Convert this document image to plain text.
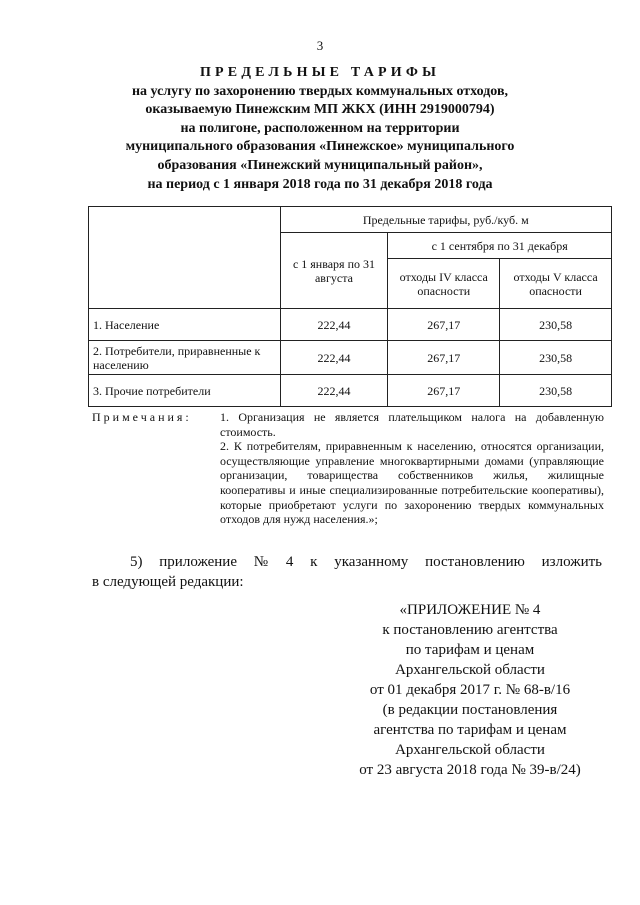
3
ПРЕДЕЛЬНЫЕ ТАРИФЫ
на услугу по захоронению твердых коммунальных отходов,
оказываемую Пинежским МП ЖКХ (ИНН 2919000794)
на полигоне, расположенном на территории
муниципального образования «Пинежское» муниципального
образования «Пинежский муниципальный район»,
на период с 1 января 2018 года по 31 декабря 2018 года
	Предельные тарифы, руб./куб. м		
	с 1 января по 31 августа	с 1 сентября по 31 декабря	
		отходы IV класса опасности	отходы V класса опасности
1. Население	222,44	267,17	230,58
2. Потребители, приравненные к населению	222,44	267,17	230,58
3. Прочие потребители	222,44	267,17	230,58
Примечания:	1. Организация не является плательщиком налога на добавленную стоимость.
2. К потребителям, приравненным к населению, относятся организации, осуществляющие управление многоквартирными домами (управляющие организации, товарищества собственников жилья, жилищные кооперативы и иные специализированные потребительские кооперативы), которые приобретают услуги по захоронению твердых коммунальных отходов для нужд населения.»;
5) приложение № 4 к указанному постановлению изложить
в следующей редакции:
«ПРИЛОЖЕНИЕ № 4
к постановлению агентства
по тарифам и ценам
Архангельской области
от 01 декабря 2017 г. № 68-в/16
(в редакции постановления
агентства по тарифам и ценам
Архангельской области
от 23 августа 2018 года № 39-в/24)
